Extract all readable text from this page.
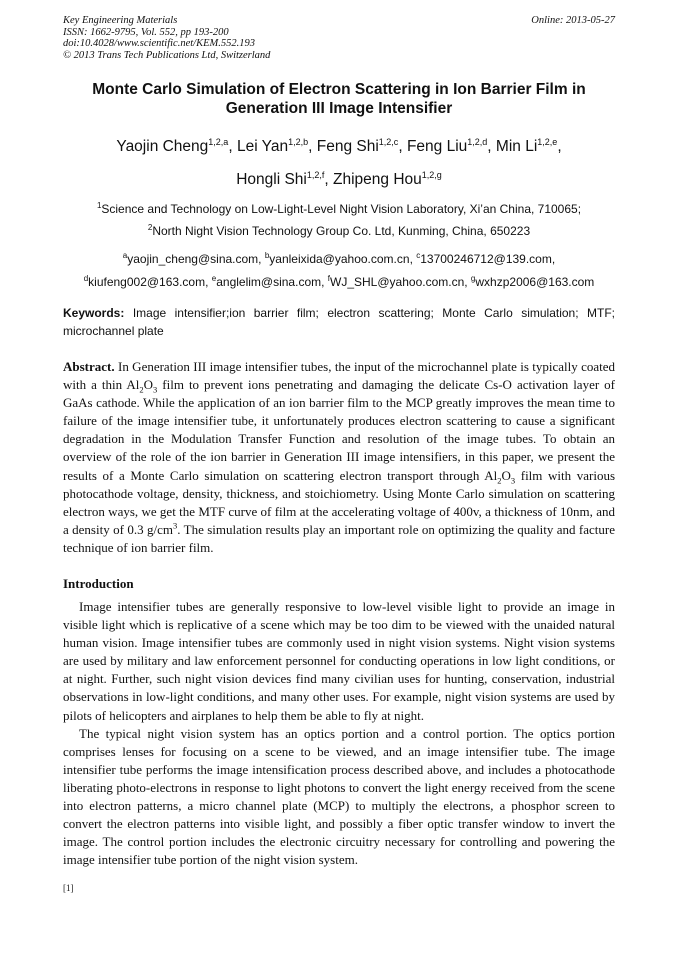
Key Engineering Materials
ISSN: 1662-9795, Vol. 552, pp 193-200
doi:10.4028/www.scientific.net/KEM.552.193
© 2013 Trans Tech Publications Ltd, Switzerland
Online: 2013-05-27
Monte Carlo Simulation of Electron Scattering in Ion Barrier Film in Generation III Image Intensifier
Yaojin Cheng$^{1,2,a}$, Lei Yan$^{1,2,b}$, Feng Shi$^{1,2,c}$, Feng Liu$^{1,2,d}$, Min Li$^{1,2,e}$,
Hongli Shi$^{1,2,f}$, Zhipeng Hou$^{1,2,g}$
$^1$Science and Technology on Low-Light-Level Night Vision Laboratory, Xi’an China, 710065;
$^2$North Night Vision Technology Group Co. Ltd, Kunming, China, 650223
$^a$yaojin_cheng@sina.com, $^b$yanleixida@yahoo.com.cn, $^c$13700246712@139.com,
$^d$kiufeng002@163.com, $^e$anglelim@sina.com, $^f$WJ_SHL@yahoo.com.cn, $^g$wxhzp2006@163.com
Keywords: Image intensifier;ion barrier film; electron scattering; Monte Carlo simulation; MTF; microchannel plate
Abstract. In Generation III image intensifier tubes, the input of the microchannel plate is typically coated with a thin $Al_2O_3$ film to prevent ions penetrating and damaging the delicate Cs-O activation layer of GaAs cathode. While the application of an ion barrier film to the MCP greatly improves the mean time to failure of the image intensifier tube, it unfortunately produces electron scattering to cause a significant degradation in the Modulation Transfer Function and resolution of the image tubes. To obtain an overview of the role of the ion barrier in Generation III image intensifiers, in this paper, we present the results of a Monte Carlo simulation on scattering electron transport through $Al_2O_3$ film with various photocathode voltage, density, thickness, and stoichiometry. Using Monte Carlo simulation on scattering electron ways, we get the MTF curve of film at the accelerating voltage of 400v, a thickness of 10nm, and a density of 0.3 $g/cm^3$. The simulation results play an important role on optimizing the quality and facture technique of ion barrier film.
Introduction

Image intensifier tubes are generally responsive to low-level visible light to provide an image in visible light which is replicative of a scene which may be too dim to be viewed with the unaided natural human vision. Image intensifier tubes are commonly used in night vision systems. Night vision systems are used by military and law enforcement personnel for conducting operations in low light conditions, or at night. Further, such night vision devices find many civilian uses for hunting, conservation, industrial observations in low-light conditions, and many other uses. For example, night vision systems are used by pilots of helicopters and airplanes to help them be able to fly at night.

The typical night vision system has an optics portion and a control portion. The optics portion comprises lenses for focusing on a scene to be viewed, and an image intensifier tube. The image intensifier tube performs the image intensification process described above, and includes a photocathode liberating photo-electrons in response to light photons to convert the light energy received from the scene into electron patterns, a micro channel plate (MCP) to multiply the electrons, a phosphor screen to convert the electron patterns into visible light, and possibly a fiber optic transfer window to invert the image. The control portion includes the electronic circuitry necessary for controlling and powering the image intensifier tube portion of the night vision system.

[1]
